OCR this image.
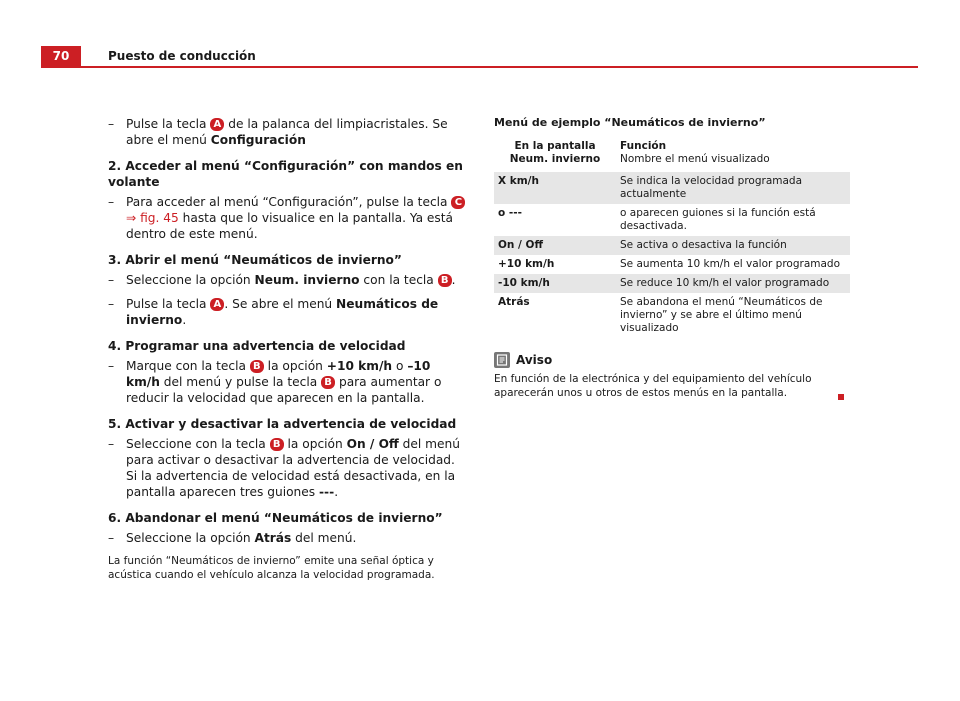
70	Puesto de conducción

– Pulse la tecla A de la palanca del limpiacristales. Se abre el menú Configuración

2. Acceder al menú “Configuración” con mandos en volante

– Para acceder al menú “Configuración”, pulse la tecla C
⇒ fig. 45 hasta que lo visualice en la pantalla. Ya está dentro de este menú.

3. Abrir el menú “Neumáticos de invierno”

– Seleccione la opción Neum. invierno con la tecla B .

– Pulse la tecla A . Se abre el menú Neumáticos de invierno.

4. Programar una advertencia de velocidad

– Marque con la tecla B la opción +10 km/h o –10 km/h del menú y pulse la tecla B para aumentar o reducir la velocidad que aparecen en la pantalla.

5. Activar y desactivar la advertencia de velocidad

– Seleccione con la tecla B la opción On / Off del menú para activar o desactivar la advertencia de velocidad. Si la advertencia de velocidad está desactivada, en la pantalla aparecen tres guiones ---.

6. Abandonar el menú “Neumáticos de invierno”

– Seleccione la opción Atrás del menú.

La función “Neumáticos de invierno” emite una señal óptica y acústica cuando el vehículo alcanza la velocidad programada.
Menú de ejemplo “Neumáticos de invierno”
En la pantalla Neum. invierno	Función
Nombre el menú visualizado
X km/h	Se indica la velocidad programada actualmente
o ---	o aparecen guiones si la función está desactivada.
On / Off	Se activa o desactiva la función
+10 km/h	Se aumenta 10 km/h el valor programado
-10 km/h	Se reduce 10 km/h el valor programado
Atrás	Se abandona el menú “Neumáticos de invierno” y se abre el último menú visualizado
Aviso
En función de la electrónica y del equipamiento del vehículo aparecerán unos u otros de estos menús en la pantalla.
